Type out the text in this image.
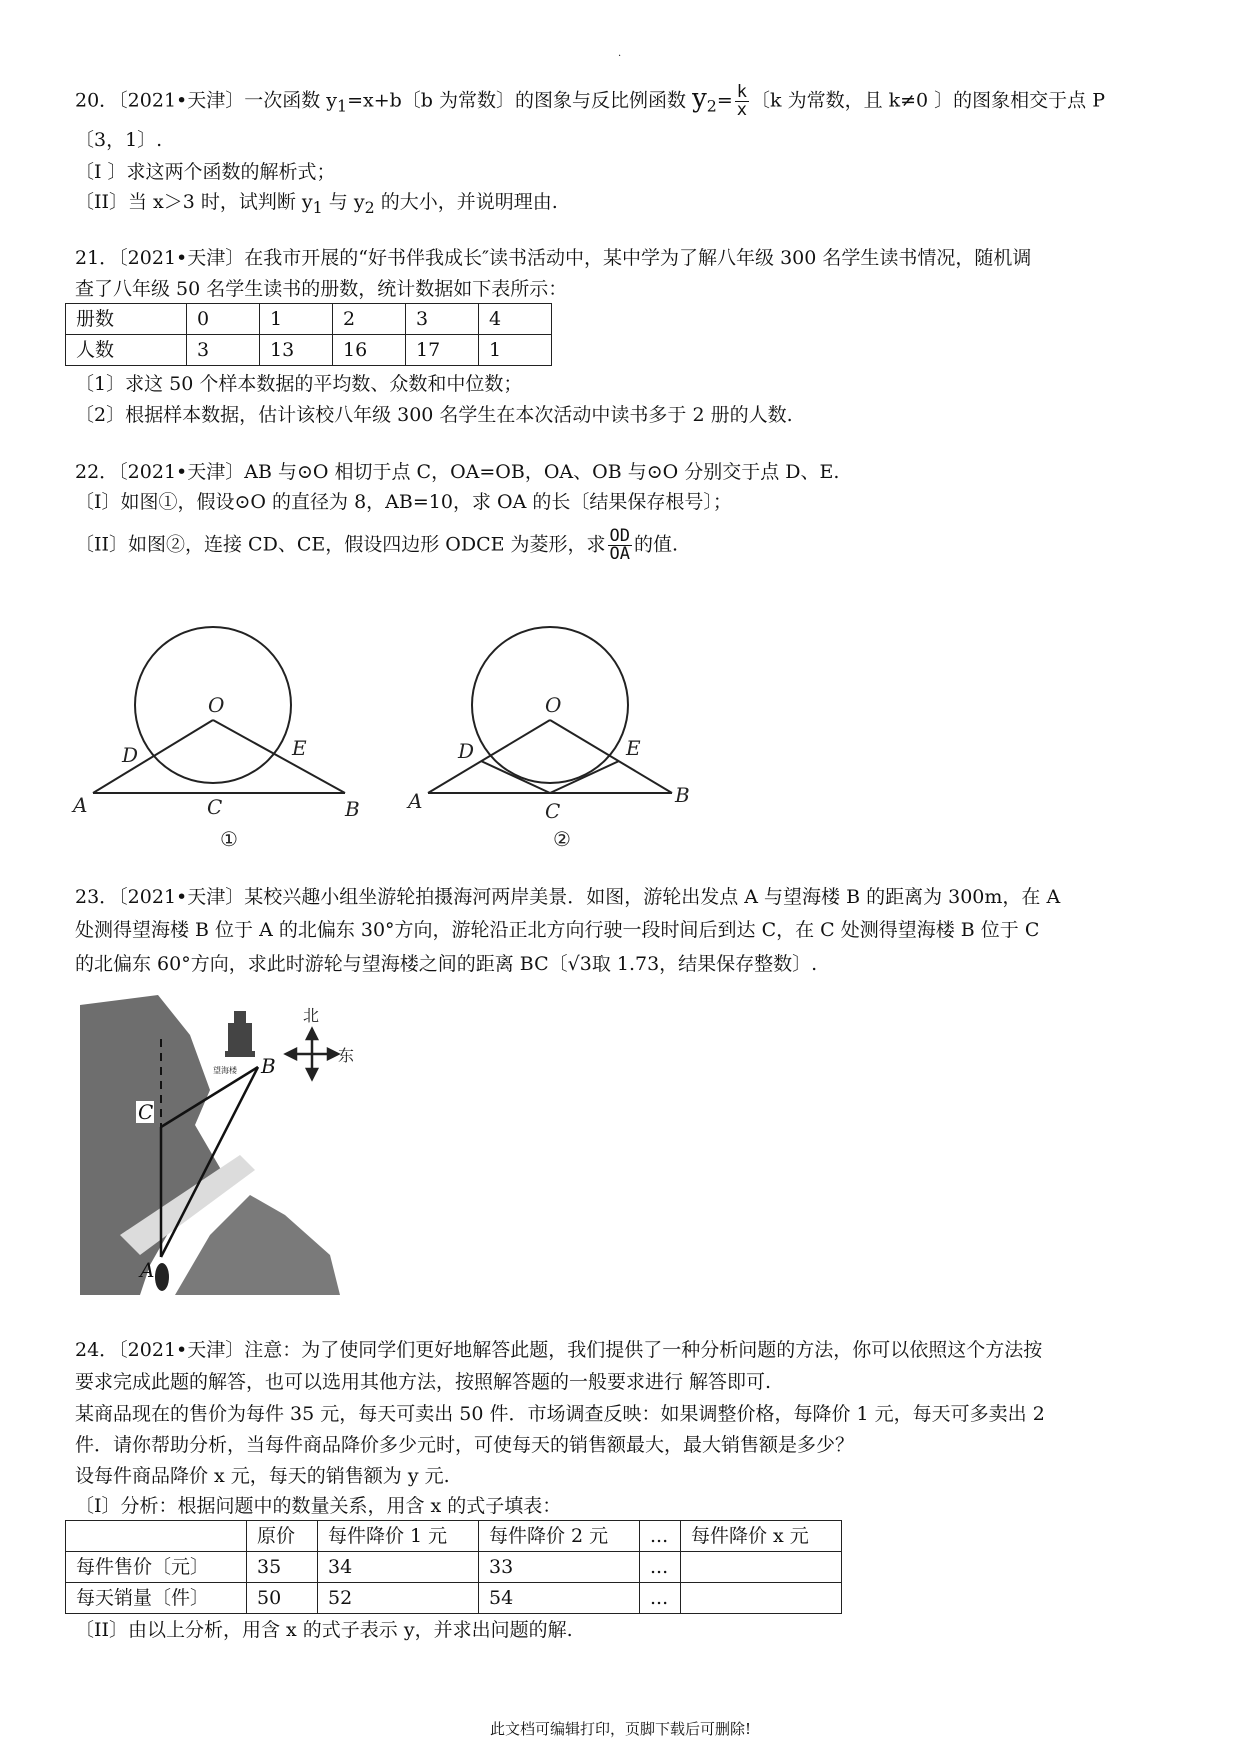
.
20．〔2021•天津〕一次函数 $y_1=x+b$〔b 为常数〕的图象与反比例函数 $y_2= \frac{k}{x}$ 〔k 为常数，且 k≠0 〕的图象相交于点 P
〔3，1〕.
〔I 〕求这两个函数的解析式；
〔II〕当 x＞3 时，试判断 $y_1$ 与 $y_2$ 的大小，并说明理由.
21．〔2021•天津〕在我市开展的“好书伴我成长″读书活动中，某中学为了解八年级 300 名学生读书情况，随机调
查了八年级 50 名学生读书的册数，统计数据如下表所示：
册数	0	1	2	3	4
人数	3	13	16	17	1
〔1〕求这 50 个样本数据的平均数、众数和中位数；
〔2〕根据样本数据，估计该校八年级 300 名学生在本次活动中读书多于 2 册的人数.
22．〔2021•天津〕AB 与⊙O 相切于点 C，OA=OB，OA、OB 与⊙O 分别交于点 D、E.
〔I〕如图①，假设⊙O 的直径为 8，AB=10，求 OA 的长〔结果保存根号〕；
〔II〕如图②，连接 CD、CE，假设四边形 ODCE 为菱形，求 $\frac{OD}{OA}$ 的值.
O
D	E
A	C	B
①
O
D	E
A	C
B
②
23．〔2021•天津〕某校兴趣小组坐游轮拍摄海河两岸美景．如图，游轮出发点 A 与望海楼 B 的距离为 300m，在 A
处测得望海楼 B 位于 A 的北偏东 30°方向，游轮沿正北方向行驶一段时间后到达 C，在 C 处测得望海楼 B 位于 C
的北偏东 60°方向，求此时游轮与望海楼之间的距离 BC〔√3取 1.73，结果保存整数〕.
望海楼
北
东
C
B
A
24．〔2021•天津〕注意：为了使同学们更好地解答此题，我们提供了一种分析问题的方法，你可以依照这个方法按
要求完成此题的解答，也可以选用其他方法，按照解答题的一般要求进行 解答即可.
某商品现在的售价为每件 35 元，每天可卖出 50 件．市场调查反映：如果调整价格，每降价 1 元，每天可多卖出 2
件．请你帮助分析，当每件商品降价多少元时，可使每天的销售额最大，最大销售额是多少？
设每件商品降价 x 元，每天的销售额为 y 元.
〔I〕分析：根据问题中的数量关系，用含 x 的式子填表：
	原价	每件降价 1 元	每件降价 2 元	...	每件降价 x 元
每件售价〔元〕	35	34	33	...	
每天销量〔件〕	50	52	54	...	
〔II〕由以上分析，用含 x 的式子表示 y，并求出问题的解.
此文档可编辑打印，页脚下载后可删除!
